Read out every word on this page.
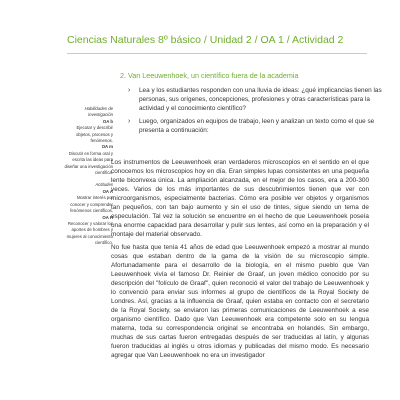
Ciencias Naturales 8º básico / Unidad 2 / OA 1 / Actividad 2
2. Van Leeuwenhoek, un científico fuera de la academia
Habilidades de investigación
OA b
Ejecutar y describir objetos, procesos y fenómenos.
OA m
Discutir en forma oral y escrita las ideas para diseñar una investigación científica.
Actitudes
OA A
Mostrar interés por conocer y comprender fenómenos científicos.
OA H
Reconocer y valorar los aportes de hombres y mujeres al conocimiento científico.
›	Lea y los estudiantes responden con una lluvia de ideas: ¿qué implicancias tienen las personas, sus orígenes, concepciones, profesiones y otras características para la actividad y el conocimiento científico?
›	Luego, organizados en equipos de trabajo, leen y analizan un texto como el que se presenta a continuación:

Los instrumentos de Leeuwenhoek eran verdaderos microscopios en el sentido en el que conocemos los microscopios hoy en día. Eran simples lupas consistentes en una pequeña lente biconvexa única. La ampliación alcanzada, en el mejor de los casos, era a 200-300 veces. Varios de los más importantes de sus descubrimientos tienen que ver con microorganismos, especialmente bacterias. Cómo era posible ver objetos y organismos tan pequeños, con tan bajo aumento y sin el uso de tintes, sigue siendo un tema de especulación. Tal vez la solución se encuentre en el hecho de que Leeuwenhoek poseía una enorme capacidad para desarrollar y pulir sus lentes, así como en la preparación y el montaje del material observado.

No fue hasta que tenía 41 años de edad que Leeuwenhoek empezó a mostrar al mundo cosas que estaban dentro de la gama de la visión de su microscopio simple. Afortunadamente para el desarrollo de la biología, en el mismo pueblo que Van Leeuwenhoek vivía el famoso Dr. Reinier de Graaf, un joven médico conocido por su descripción del "folículo de Graaf", quien reconoció el valor del trabajo de Leeuwenhoek y lo convenció para enviar sus informes al grupo de científicos de la Royal Society de Londres. Así, gracias a la influencia de Graaf, quien estaba en contacto con el secretario de la Royal Society, se enviaron las primeras comunicaciones de Leeuwenhoek a ese organismo científico. Dado que Van Leeuwenhoek era competente solo en su lengua materna, toda su correspondencia original se encontraba en holandés. Sin embargo, muchas de sus cartas fueron entregadas después de ser traducidas al latín, y algunas fueron traducidas al inglés u otros idiomas y publicadas del mismo modo. Es necesario agregar que Van Leeuwenhoek no era un investigador
